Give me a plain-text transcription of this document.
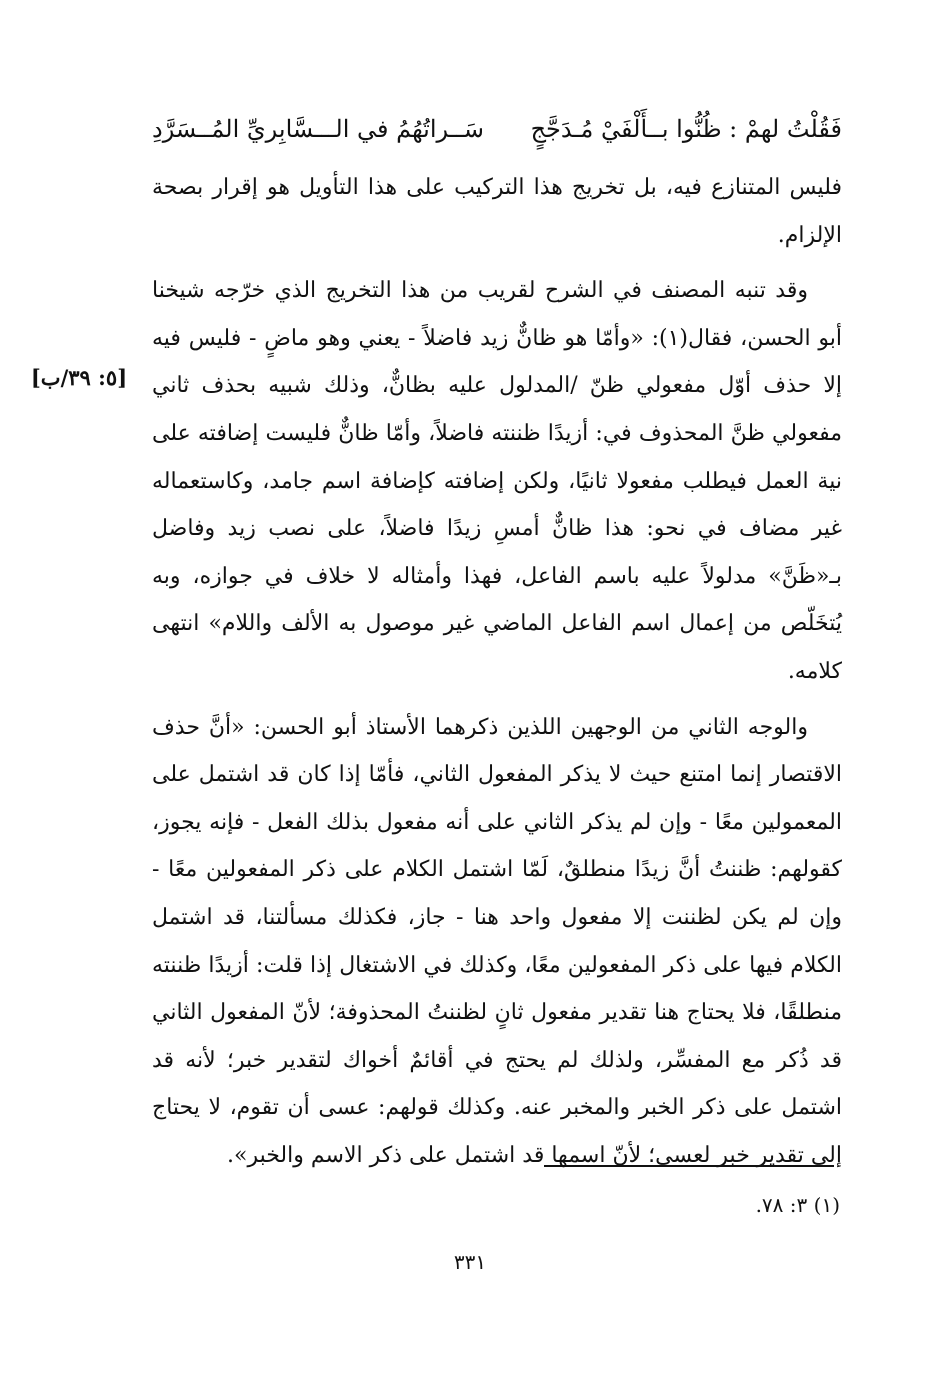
فَقُلْتُ لهمْ : ظُنُّوا بــأَلْفَيْ مُـدَجَّجٍ
سَــراتُهُمُ في الـــسَّابِريِّ المُــسَرَّدِ

فليس المتنازع فيه، بل تخريج هذا التركيب على هذا التأويل هو إقرار بصحة الإلزام.

وقد تنبه المصنف في الشرح لقريب من هذا التخريج الذي خرّجه شيخنا أبو الحسن، فقال(١): «وأمّا هو ظانٌّ زيد فاضلاً - يعني وهو ماضٍ - فليس فيه إلا حذف أوّل مفعولي ظنّ /المدلول عليه بظانٌّ، وذلك شبيه بحذف ثاني مفعولي ظنَّ المحذوف في: أزيدًا ظننته فاضلاً، وأمّا ظانٌّ فليست إضافته على نية العمل فيطلب مفعولا ثانيًا، ولكن إضافته كإضافة اسم جامد، وكاستعماله غير مضاف في نحو: هذا ظانٌّ أمسِ زيدًا فاضلاً، على نصب زيد وفاضل بـ«ظَنَّ» مدلولاً عليه باسم الفاعل، فهذا وأمثاله لا خلاف في جوازه، وبه يُتخَلّص من إعمال اسم الفاعل الماضي غير موصول به الألف واللام» انتهى كلامه.

والوجه الثاني من الوجهين اللذين ذكرهما الأستاذ أبو الحسن: «أنَّ حذف الاقتصار إنما امتنع حيث لا يذكر المفعول الثاني، فأمّا إذا كان قد اشتمل على المعمولين معًا - وإن لم يذكر الثاني على أنه مفعول بذلك الفعل - فإنه يجوز، كقولهم: ظننتُ أنَّ زيدًا منطلقٌ، لَمّا اشتمل الكلام على ذكر المفعولين معًا - وإن لم يكن لظننت إلا مفعول واحد هنا - جاز، فكذلك مسألتنا، قد اشتمل الكلام فيها على ذكر المفعولين معًا، وكذلك في الاشتغال إذا قلت: أزيدًا ظننته منطلقًا، فلا يحتاج هنا تقدير مفعول ثانٍ لظننتُ المحذوفة؛ لأنّ المفعول الثاني قد ذُكر مع المفسِّر، ولذلك لم يحتج في أقائمٌ أخواك لتقدير خبر؛ لأنه قد اشتمل على ذكر الخبر والمخبر عنه. وكذلك قولهم: عسى أن تقوم، لا يحتاج إلى تقدير خبر لعسى؛ لأنّ اسمها قد اشتمل على ذكر الاسم والخبر».

[٥: ٣٩/ب]
(١) ٣: ٧٨.
٣٣١
